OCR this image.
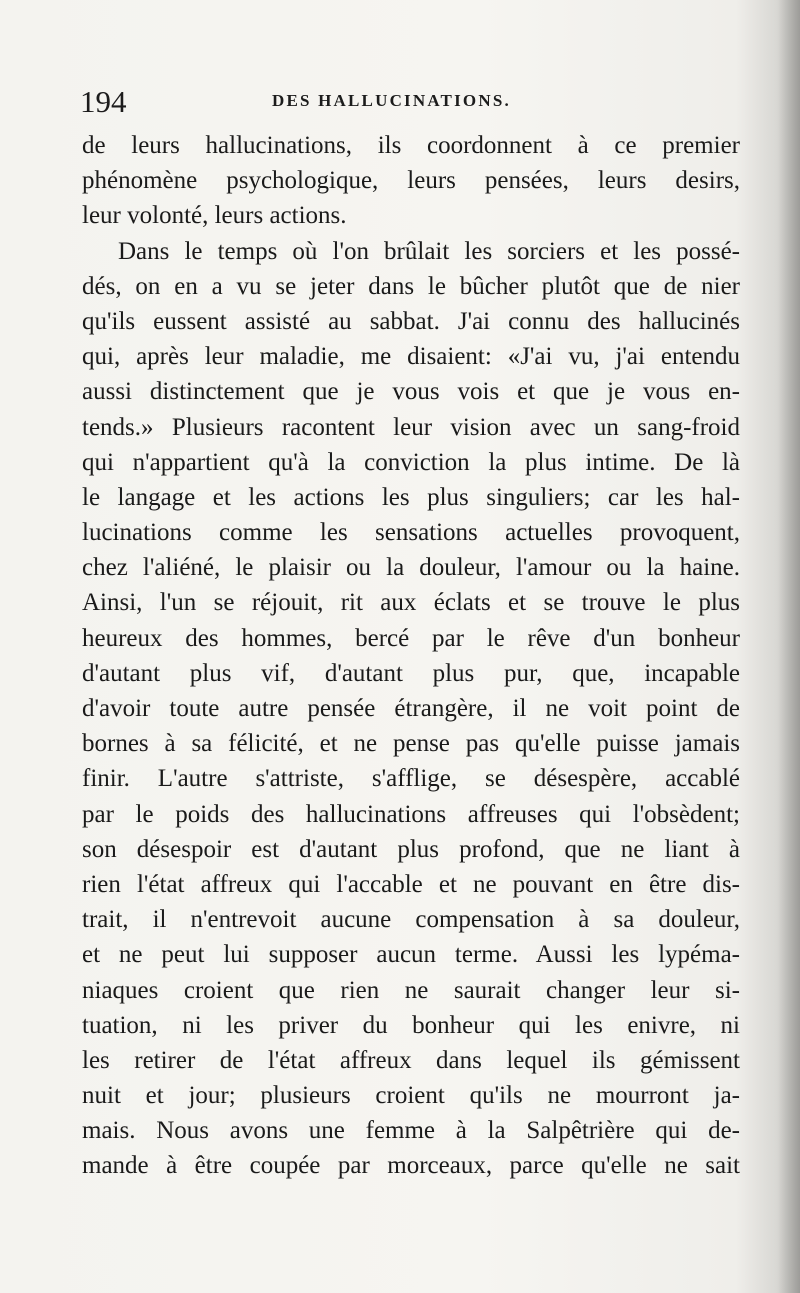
194	DES HALLUCINATIONS.
de leurs hallucinations, ils coordonnent à ce premier
phénomène psychologique, leurs pensées, leurs desirs,
leur volonté, leurs actions.
Dans le temps où l'on brûlait les sorciers et les possé-
dés, on en a vu se jeter dans le bûcher plutôt que de nier
qu'ils eussent assisté au sabbat. J'ai connu des hallucinés
qui, après leur maladie, me disaient: «J'ai vu, j'ai entendu
aussi distinctement que je vous vois et que je vous en-
tends.» Plusieurs racontent leur vision avec un sang-froid
qui n'appartient qu'à la conviction la plus intime. De là
le langage et les actions les plus singuliers; car les hal-
lucinations comme les sensations actuelles provoquent,
chez l'aliéné, le plaisir ou la douleur, l'amour ou la haine.
Ainsi, l'un se réjouit, rit aux éclats et se trouve le plus
heureux des hommes, bercé par le rêve d'un bonheur
d'autant plus vif, d'autant plus pur, que, incapable
d'avoir toute autre pensée étrangère, il ne voit point de
bornes à sa félicité, et ne pense pas qu'elle puisse jamais
finir. L'autre s'attriste, s'afflige, se désespère, accablé
par le poids des hallucinations affreuses qui l'obsèdent;
son désespoir est d'autant plus profond, que ne liant à
rien l'état affreux qui l'accable et ne pouvant en être dis-
trait, il n'entrevoit aucune compensation à sa douleur,
et ne peut lui supposer aucun terme. Aussi les lypéma-
niaques croient que rien ne saurait changer leur si-
tuation, ni les priver du bonheur qui les enivre, ni
les retirer de l'état affreux dans lequel ils gémissent
nuit et jour; plusieurs croient qu'ils ne mourront ja-
mais. Nous avons une femme à la Salpêtrière qui de-
mande à être coupée par morceaux, parce qu'elle ne sait
